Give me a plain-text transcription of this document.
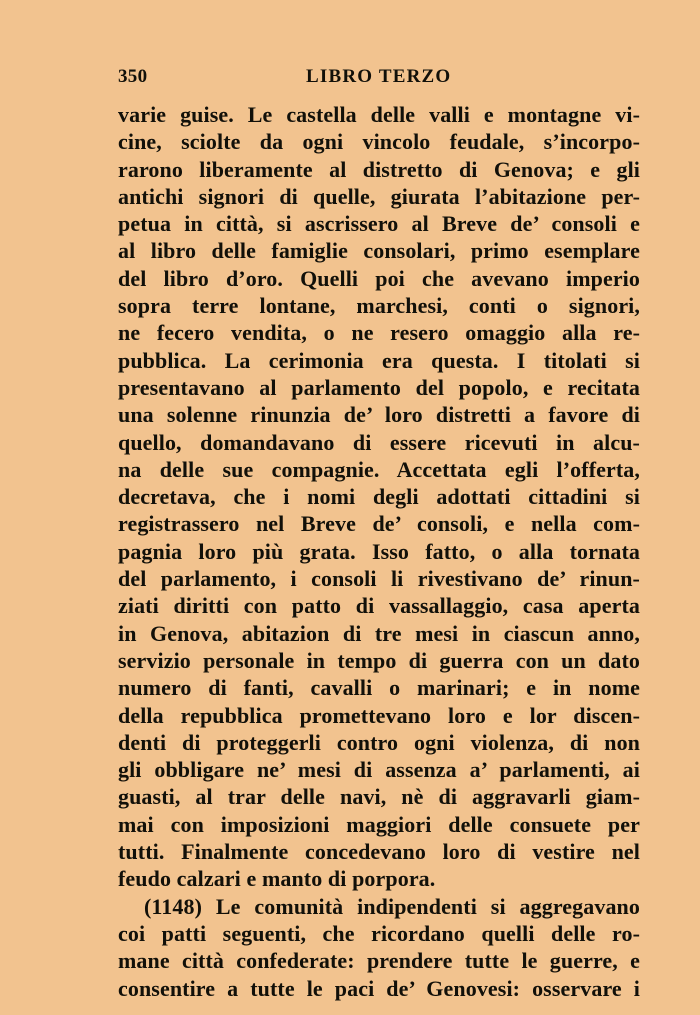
350	LIBRO TERZO
varie guise. Le castella delle valli e montagne vi-
cine, sciolte da ogni vincolo feudale, s’incorpo-
rarono liberamente al distretto di Genova; e gli
antichi signori di quelle, giurata l’abitazione per-
petua in città, si ascrissero al Breve de’ consoli e
al libro delle famiglie consolari, primo esemplare
del libro d’oro. Quelli poi che avevano imperio
sopra terre lontane, marchesi, conti o signori,
ne fecero vendita, o ne resero omaggio alla re-
pubblica. La cerimonia era questa. I titolati si
presentavano al parlamento del popolo, e recitata
una solenne rinunzia de’ loro distretti a favore di
quello, domandavano di essere ricevuti in alcu-
na delle sue compagnie. Accettata egli l’offerta,
decretava, che i nomi degli adottati cittadini si
registrassero nel Breve de’ consoli, e nella com-
pagnia loro più grata. Isso fatto, o alla tornata
del parlamento, i consoli li rivestivano de’ rinun-
ziati diritti con patto di vassallaggio, casa aperta
in Genova, abitazion di tre mesi in ciascun anno,
servizio personale in tempo di guerra con un dato
numero di fanti, cavalli o marinari; e in nome
della repubblica promettevano loro e lor discen-
denti di proteggerli contro ogni violenza, di non
gli obbligare ne’ mesi di assenza a’ parlamenti, ai
guasti, al trar delle navi, nè di aggravarli giam-
mai con imposizioni maggiori delle consuete per
tutti. Finalmente concedevano loro di vestire nel
feudo calzari e manto di porpora.
(1148) Le comunità indipendenti si aggregavano
coi patti seguenti, che ricordano quelli delle ro-
mane città confederate: prendere tutte le guerre, e
consentire a tutte le paci de’ Genovesi: osservare i
